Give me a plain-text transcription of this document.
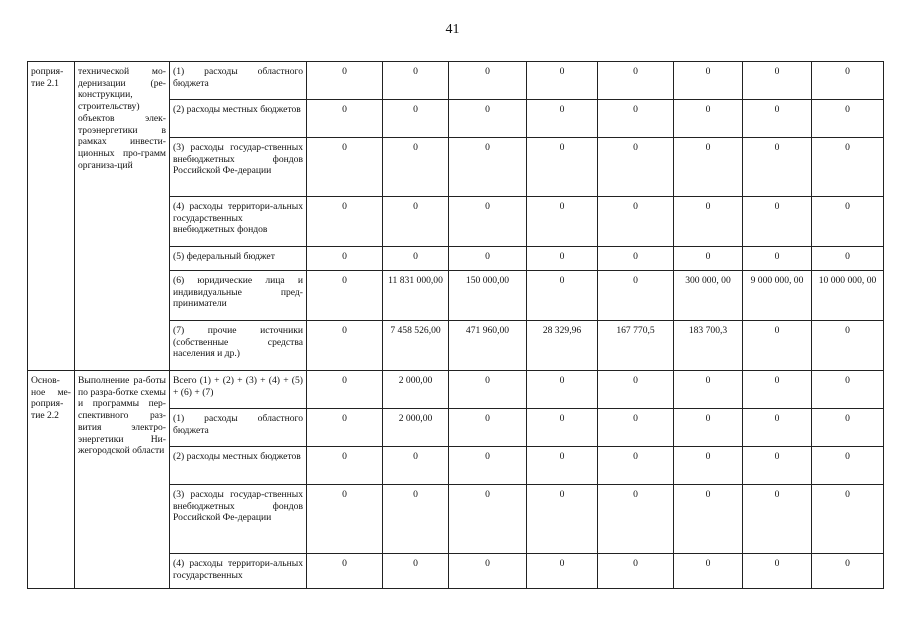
41
роприя-тие 2.1	технической мо-дернизации (ре-конструкции, строительству) объектов элек-троэнергетики в рамках инвести-ционных про-грамм организа-ций	(1) расходы областного бюджета	0	0	0	0	0	0	0	0
		(2) расходы местных бюджетов	0	0	0	0	0	0	0	0
		(3) расходы государ-ственных внебюджетных фондов Российской Фе-дерации	0	0	0	0	0	0	0	0
		(4) расходы территори-альных государственных внебюджетных фондов	0	0	0	0	0	0	0	0
		(5) федеральный бюджет	0	0	0	0	0	0	0	0
		(6) юридические лица и индивидуальные пред-приниматели	0	11 831 000,00	150 000,00	0	0	300 000, 00	9 000 000, 00	10 000 000, 00
		(7) прочие источники (собственные средства населения и др.)	0	7 458 526,00	471 960,00	28 329,96	167 770,5	183 700,3	0	0
Основ-ное ме-роприя-тие 2.2	Выполнение ра-боты по разра-ботке схемы и программы пер-спективного раз-вития электро-энергетики Ни-жегородской области	Всего (1) + (2) + (3) + (4) + (5) + (6) + (7)	0	2 000,00	0	0	0	0	0	0
		(1) расходы областного бюджета	0	2 000,00	0	0	0	0	0	0
		(2) расходы местных бюджетов	0	0	0	0	0	0	0	0
		(3) расходы государ-ственных внебюджетных фондов Российской Фе-дерации	0	0	0	0	0	0	0	0
		(4) расходы территори-альных государственных	0	0	0	0	0	0	0	0
